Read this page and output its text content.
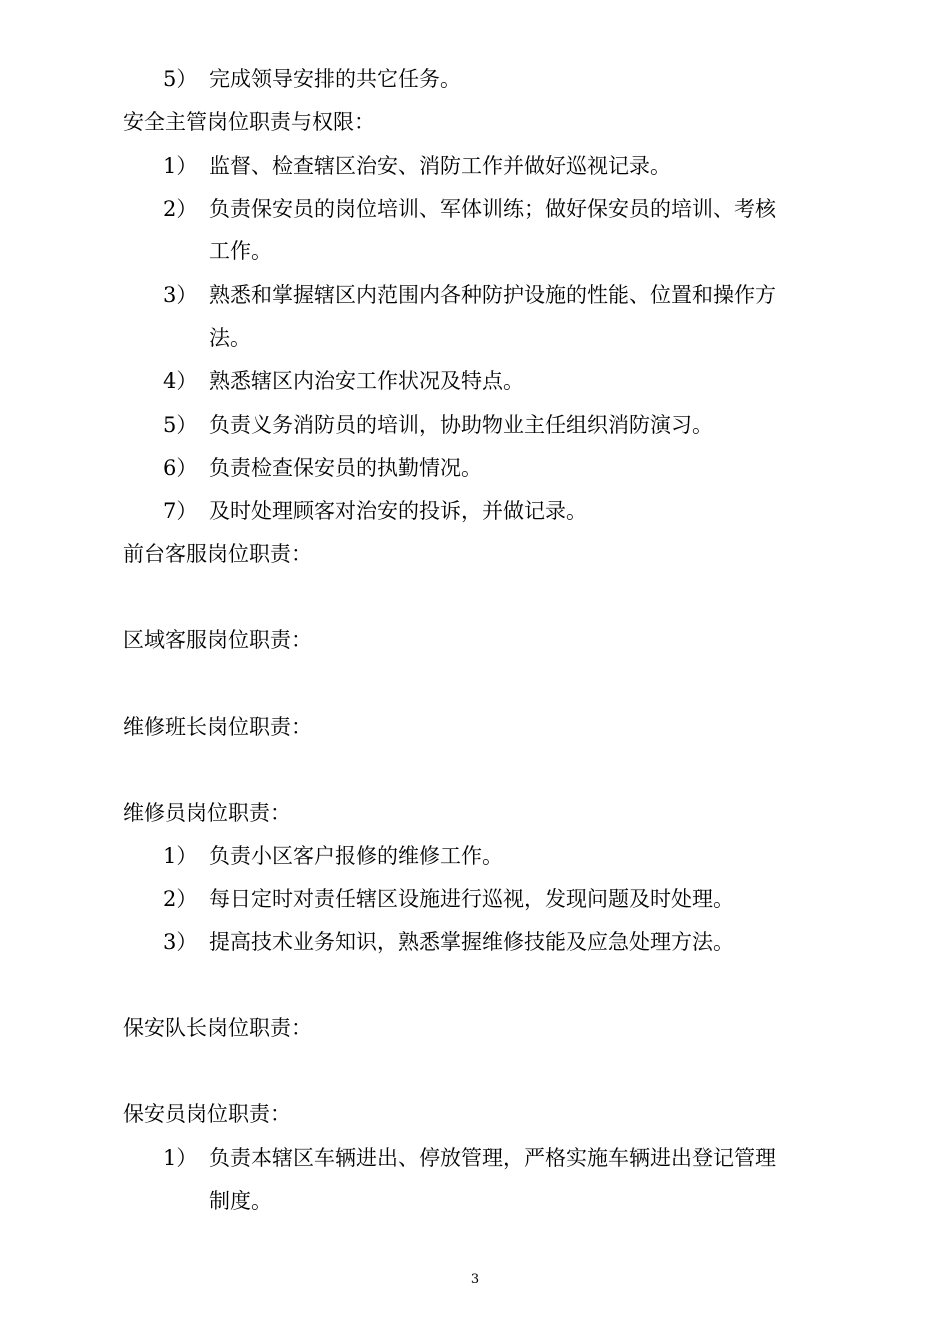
5） 完成领导安排的共它任务。
安全主管岗位职责与权限：
1） 监督、检查辖区治安、消防工作并做好巡视记录。
2） 负责保安员的岗位培训、军体训练；做好保安员的培训、考核
工作。
3） 熟悉和掌握辖区内范围内各种防护设施的性能、位置和操作方
法。
4） 熟悉辖区内治安工作状况及特点。
5） 负责义务消防员的培训，协助物业主任组织消防演习。
6） 负责检查保安员的执勤情况。
7） 及时处理顾客对治安的投诉，并做记录。
前台客服岗位职责：
区域客服岗位职责：
维修班长岗位职责：
维修员岗位职责：
1） 负责小区客户报修的维修工作。
2） 每日定时对责任辖区设施进行巡视，发现问题及时处理。
3） 提高技术业务知识，熟悉掌握维修技能及应急处理方法。
保安队长岗位职责：
保安员岗位职责：
1） 负责本辖区车辆进出、停放管理，严格实施车辆进出登记管理
制度。
3
